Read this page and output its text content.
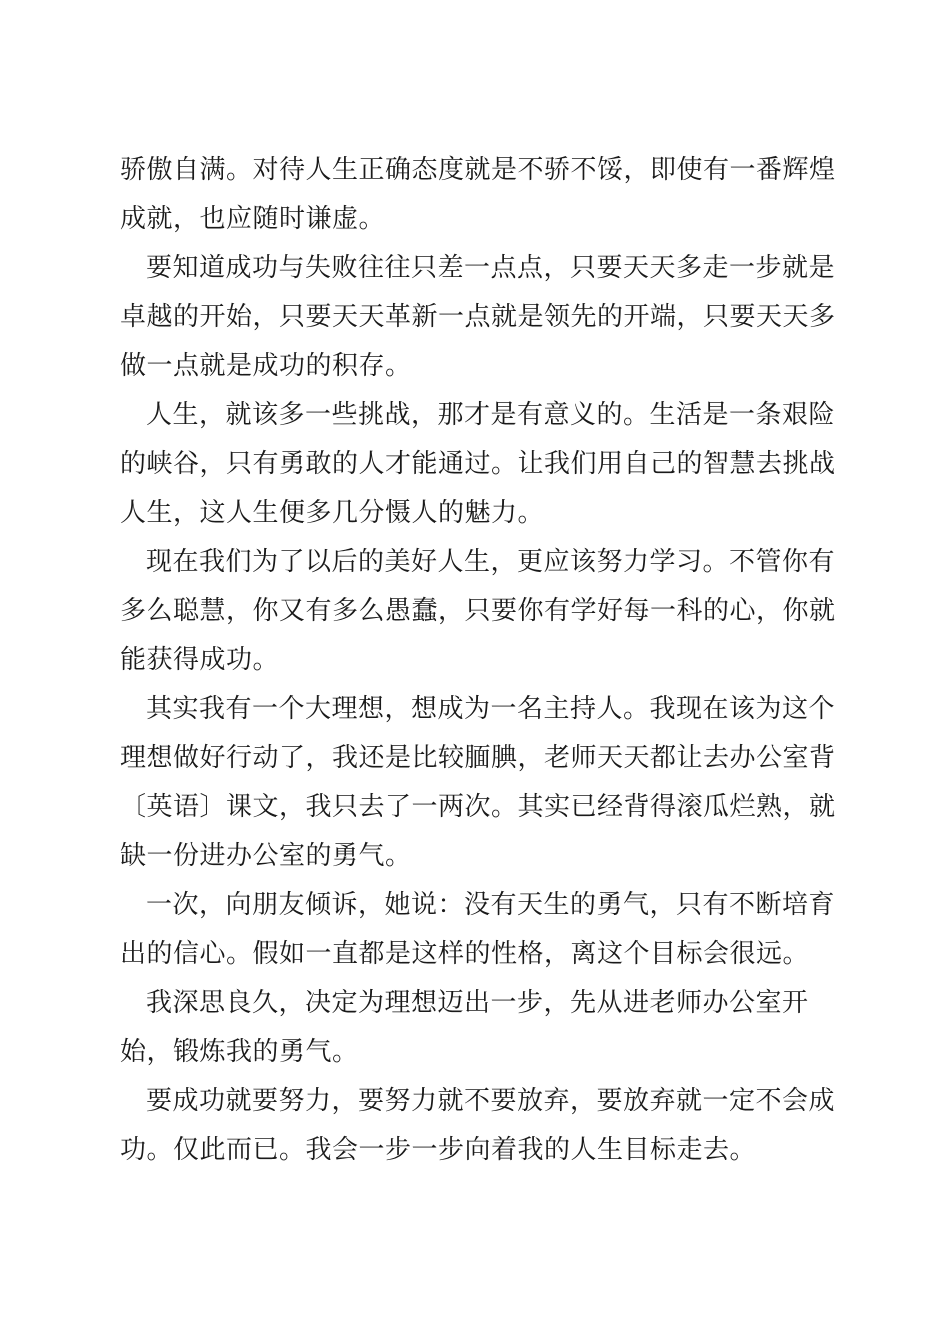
骄傲自满。对待人生正确态度就是不骄不馁，即使有一番辉煌成就，也应随时谦虚。

要知道成功与失败往往只差一点点，只要天天多走一步就是卓越的开始，只要天天革新一点就是领先的开端，只要天天多做一点就是成功的积存。

人生，就该多一些挑战，那才是有意义的。生活是一条艰险的峡谷，只有勇敢的人才能通过。让我们用自己的智慧去挑战人生，这人生便多几分慑人的魅力。

现在我们为了以后的美好人生，更应该努力学习。不管你有多么聪慧，你又有多么愚蠢，只要你有学好每一科的心，你就能获得成功。

其实我有一个大理想，想成为一名主持人。我现在该为这个理想做好行动了，我还是比较腼腆，老师天天都让去办公室背〔英语〕课文，我只去了一两次。其实已经背得滚瓜烂熟，就缺一份进办公室的勇气。

一次，向朋友倾诉，她说：没有天生的勇气，只有不断培育出的信心。假如一直都是这样的性格，离这个目标会很远。

我深思良久，决定为理想迈出一步，先从进老师办公室开始，锻炼我的勇气。

要成功就要努力，要努力就不要放弃，要放弃就一定不会成功。仅此而已。我会一步一步向着我的人生目标走去。
